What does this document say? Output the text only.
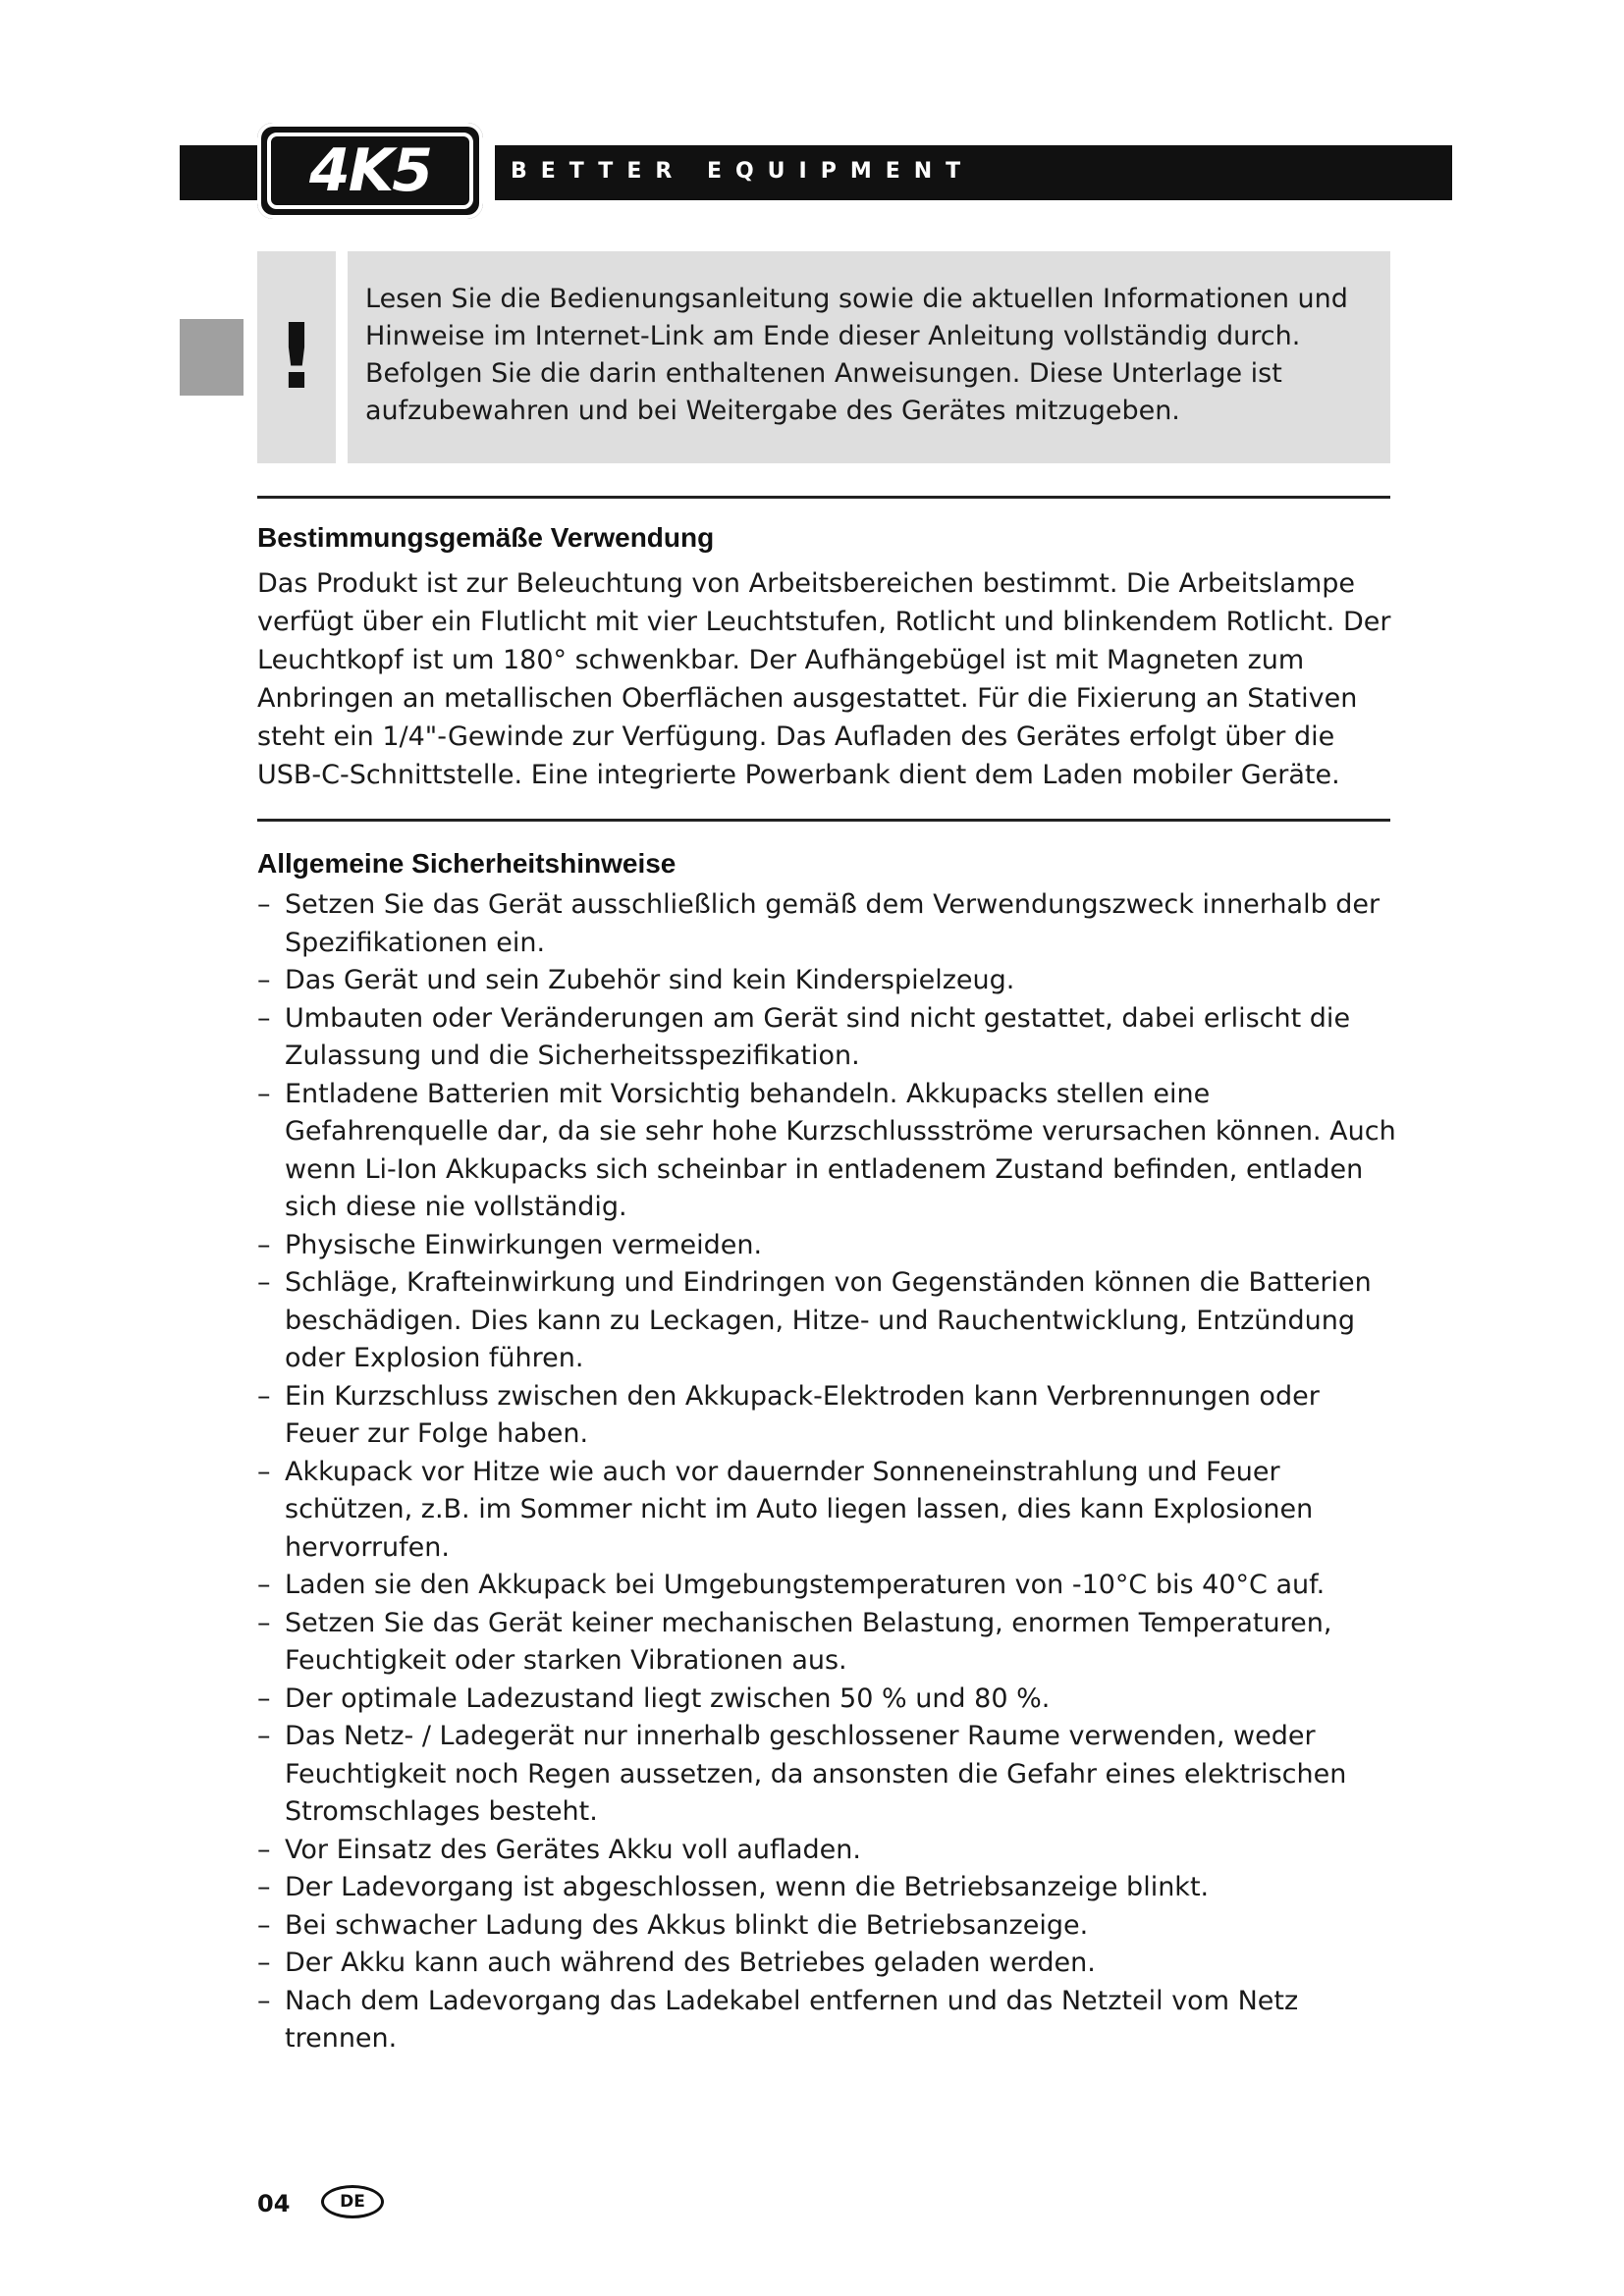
4K5	BETTER EQUIPMENT
!

Lesen Sie die Bedienungsanleitung sowie die aktuellen Informationen und Hinweise im Internet-Link am Ende dieser Anleitung vollständig durch. Befolgen Sie die darin enthaltenen Anweisungen. Diese Unterlage ist aufzubewahren und bei Weitergabe des Gerätes mitzugeben.

Bestimmungsgemäße Verwendung

Das Produkt ist zur Beleuchtung von Arbeitsbereichen bestimmt. Die Arbeitslampe verfügt über ein Flutlicht mit vier Leuchtstufen, Rotlicht und blinkendem Rotlicht. Der Leuchtkopf ist um 180° schwenkbar. Der Aufhängebügel ist mit Magneten zum Anbringen an metallischen Oberflächen ausgestattet. Für die Fixierung an Stativen steht ein 1/4"-Gewinde zur Verfügung. Das Aufladen des Gerätes erfolgt über die USB-C-Schnittstelle. Eine integrierte Powerbank dient dem Laden mobiler Geräte.

Allgemeine Sicherheitshinweise
– Setzen Sie das Gerät ausschließlich gemäß dem Verwendungszweck innerhalb der Spezifikationen ein.
– Das Gerät und sein Zubehör sind kein Kinderspielzeug.
– Umbauten oder Veränderungen am Gerät sind nicht gestattet, dabei erlischt die Zulassung und die Sicherheitsspezifikation.
– Entladene Batterien mit Vorsichtig behandeln. Akkupacks stellen eine Gefahrenquelle dar, da sie sehr hohe Kurzschlussströme verursachen können. Auch wenn Li-Ion Akkupacks sich scheinbar in entladenem Zustand befinden, entladen sich diese nie vollständig.
– Physische Einwirkungen vermeiden.
– Schläge, Krafteinwirkung und Eindringen von Gegenständen können die Batterien beschädigen. Dies kann zu Leckagen, Hitze- und Rauchentwicklung, Entzündung oder Explosion führen.
– Ein Kurzschluss zwischen den Akkupack-Elektroden kann Verbrennungen oder Feuer zur Folge haben.
– Akkupack vor Hitze wie auch vor dauernder Sonneneinstrahlung und Feuer schützen, z.B. im Sommer nicht im Auto liegen lassen, dies kann Explosionen hervorrufen.
– Laden sie den Akkupack bei Umgebungstemperaturen von -10°C bis 40°C auf.
– Setzen Sie das Gerät keiner mechanischen Belastung, enormen Temperaturen, Feuchtigkeit oder starken Vibrationen aus.
– Der optimale Ladezustand liegt zwischen 50 % und 80 %.
– Das Netz- / Ladegerät nur innerhalb geschlossener Raume verwenden, weder Feuchtigkeit noch Regen aussetzen, da ansonsten die Gefahr eines elektrischen Stromschlages besteht.
– Vor Einsatz des Gerätes Akku voll aufladen.
– Der Ladevorgang ist abgeschlossen, wenn die Betriebsanzeige blinkt.
– Bei schwacher Ladung des Akkus blinkt die Betriebsanzeige.
– Der Akku kann auch während des Betriebes geladen werden.
– Nach dem Ladevorgang das Ladekabel entfernen und das Netzteil vom Netz trennen.
04	DE
